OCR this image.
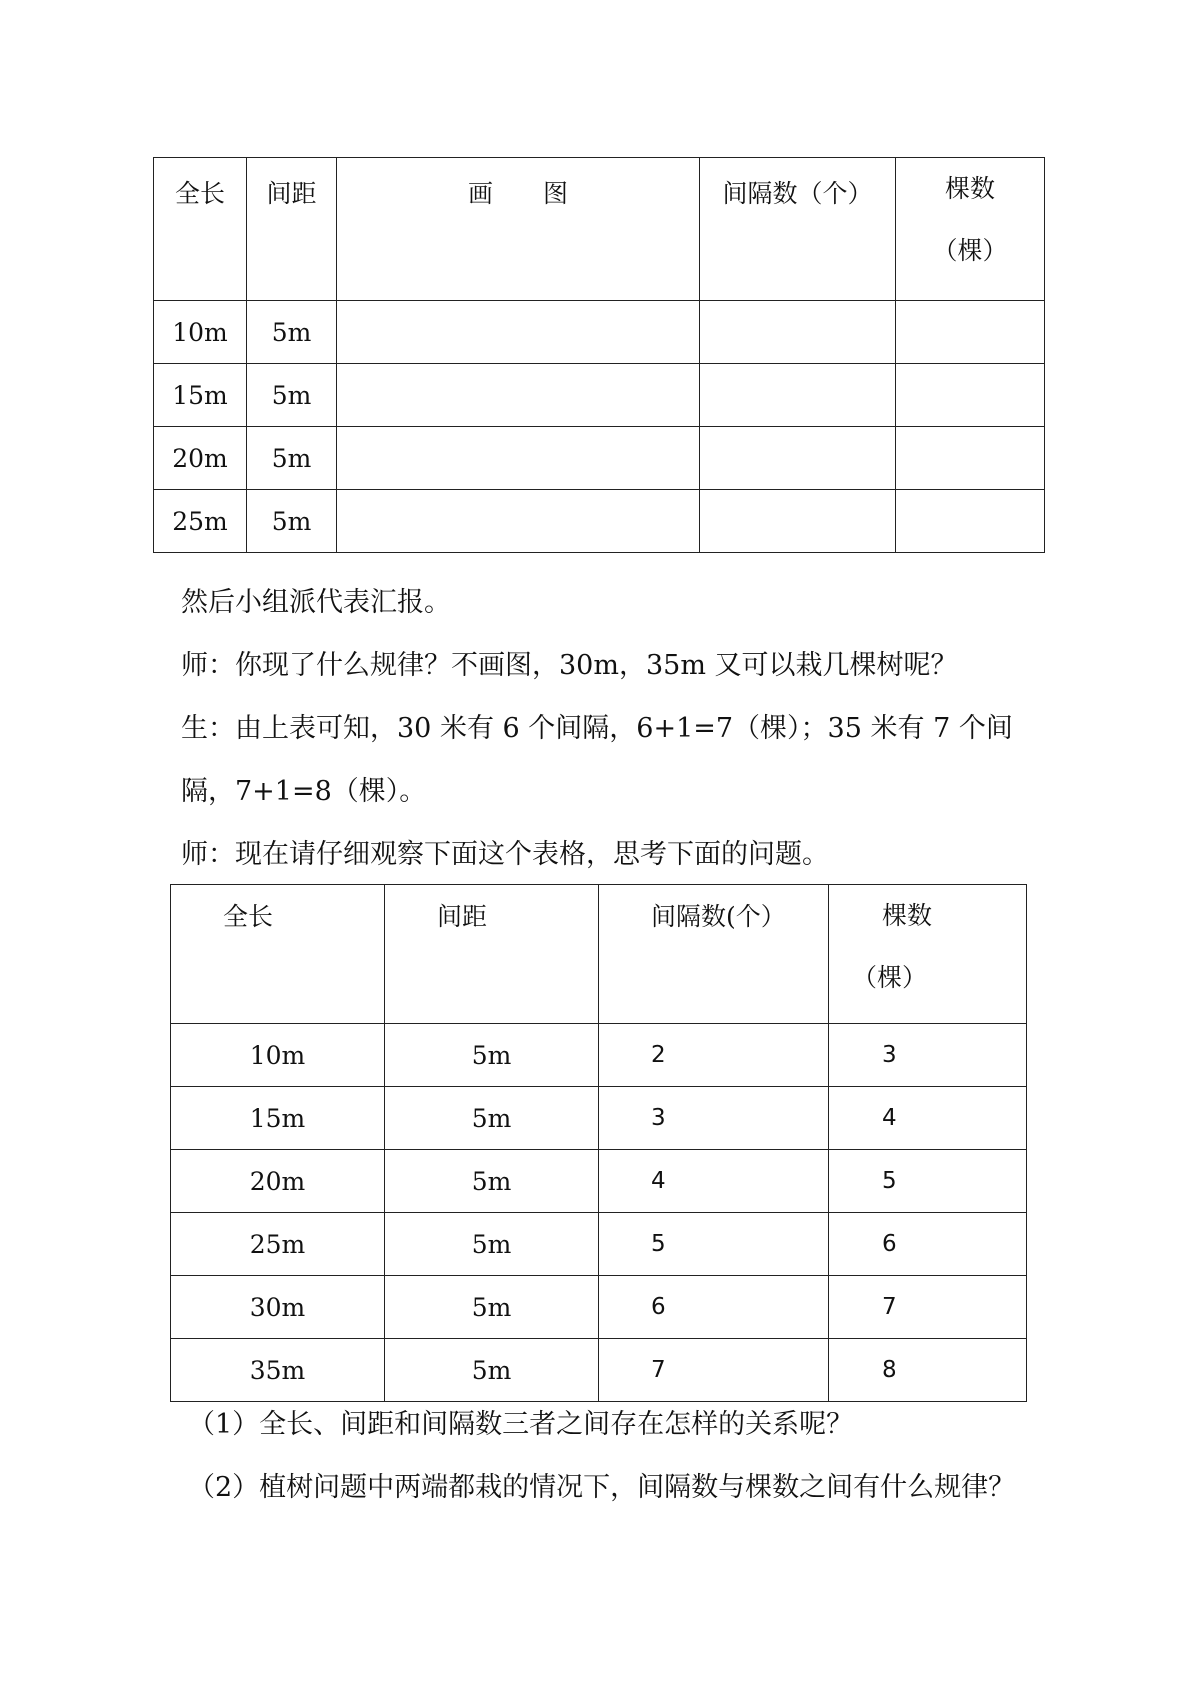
全长	间距	画　　图	间隔数（个）	棵数
（棵）

10m	5m			
15m	5m			
20m	5m			
25m	5m			
然后小组派代表汇报。
师：你现了什么规律？不画图，30m，35m 又可以栽几棵树呢？
生：由上表可知，30 米有 6 个间隔，6+1=7（棵）；35 米有 7 个间
隔，7+1=8（棵）。
师：现在请仔细观察下面这个表格，思考下面的问题。
全长	间距	间隔数(个）	棵数
（棵）

10m	5m	2	3
15m	5m	3	4
20m	5m	4	5
25m	5m	5	6
30m	5m	6	7
35m	5m	7	8
（1）全长、间距和间隔数三者之间存在怎样的关系呢？
（2）植树问题中两端都栽的情况下，间隔数与棵数之间有什么规律？
